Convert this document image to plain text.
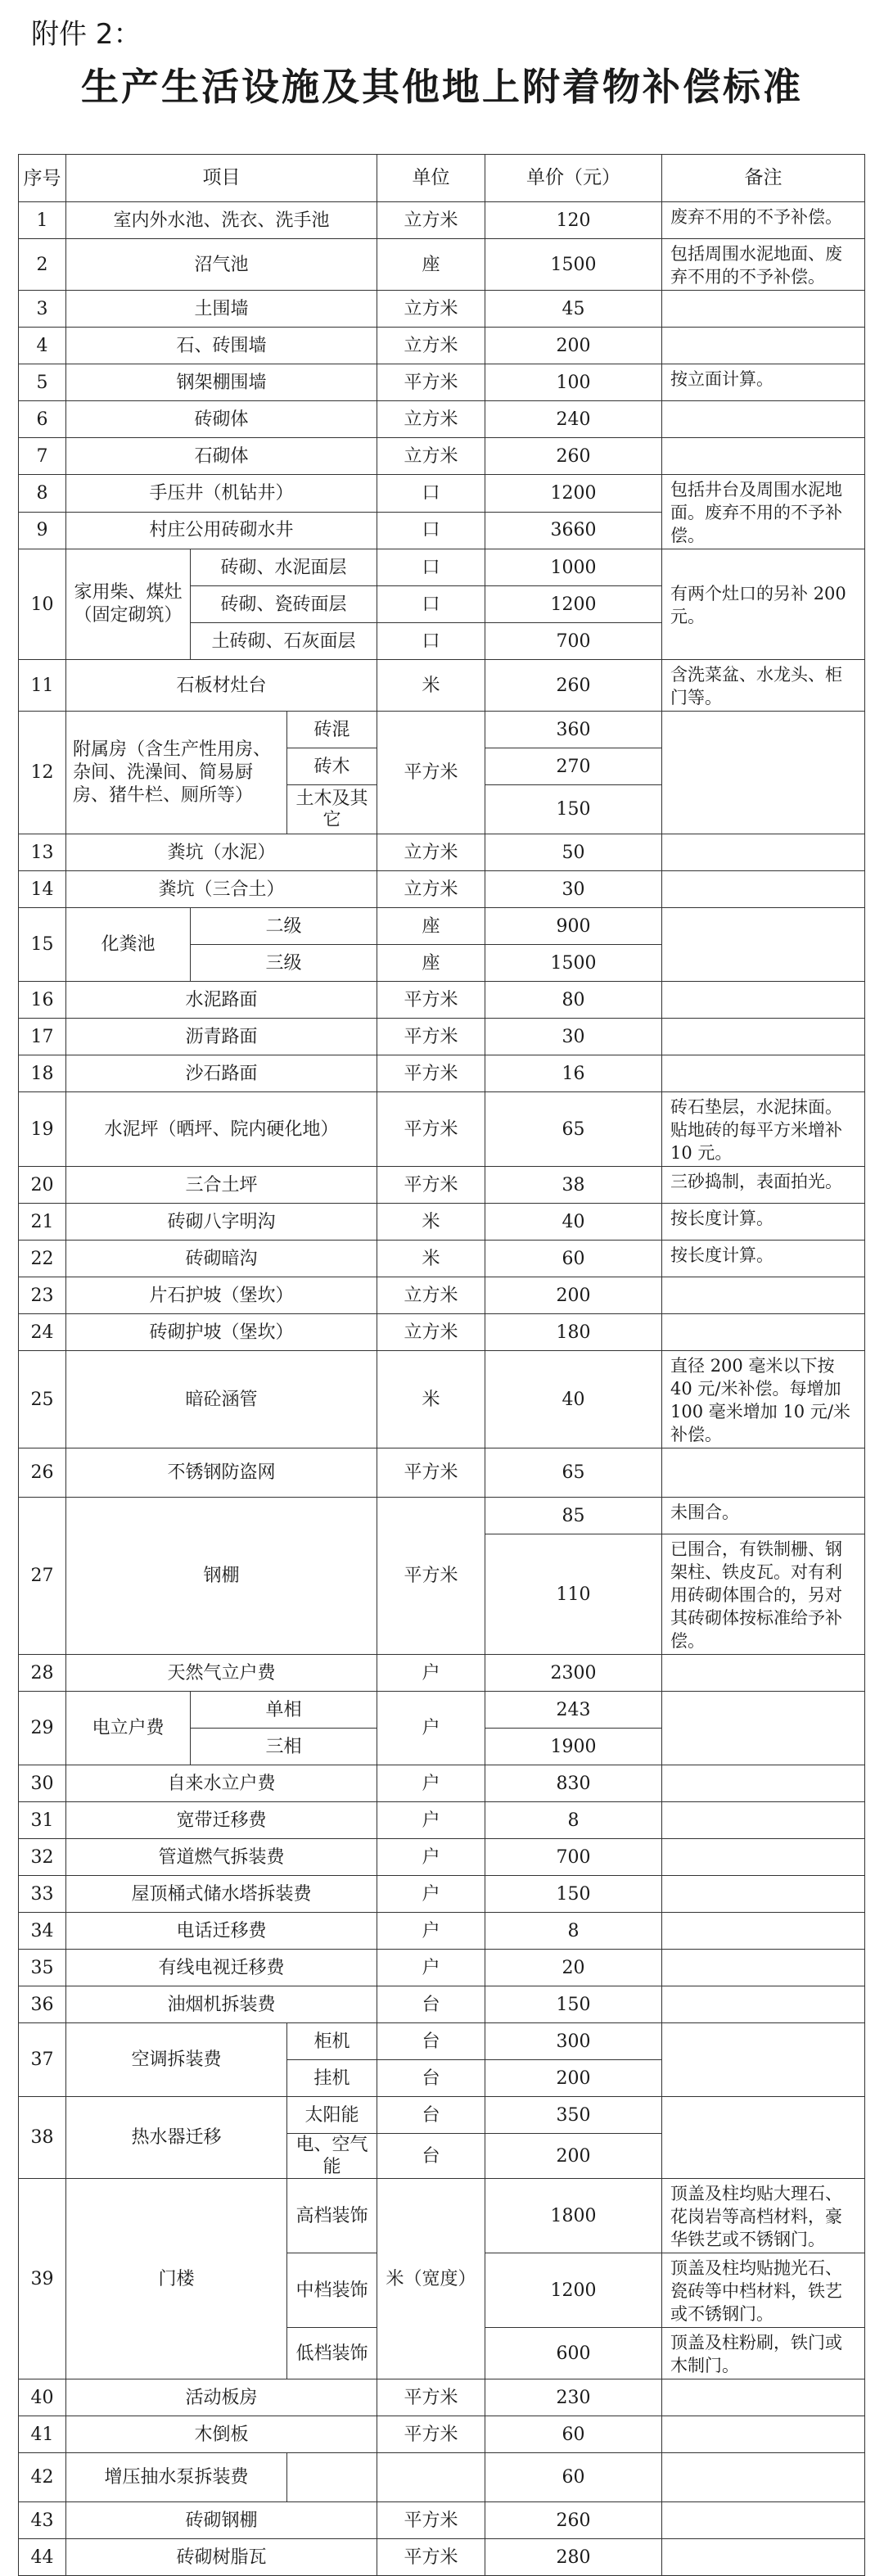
附件 2：
生产生活设施及其他地上附着物补偿标准
序号	项目			单位	单价（元）	备注
1	室内外水池、洗衣、洗手池			立方米	120	废弃不用的不予补偿。
2	沼气池			座	1500	包括周围水泥地面、废弃不用的不予补偿。
3	土围墙			立方米	45	
4	石、砖围墙			立方米	200	
5	钢架棚围墙			平方米	100	按立面计算。
6	砖砌体			立方米	240	
7	石砌体			立方米	260	
8	手压井（机钻井）			口	1200	包括井台及周围水泥地面。废弃不用的不予补偿。
9	村庄公用砖砌水井			口	3660	
10	家用柴、煤灶（固定砌筑）	砖砌、水泥面层		口	1000	有两个灶口的另补 200 元。
		砖砌、瓷砖面层		口	1200	
		土砖砌、石灰面层		口	700	
11	石板材灶台			米	260	含洗菜盆、水龙头、柜门等。
12	附属房（含生产性用房、杂间、洗澡间、简易厨房、猪牛栏、厕所等）		砖混	平方米	360	
			砖木		270	
			土木及其它		150	
13	粪坑（水泥）			立方米	50	
14	粪坑（三合土）			立方米	30	
15	化粪池	二级		座	900	
		三级		座	1500	
16	水泥路面			平方米	80	
17	沥青路面			平方米	30	
18	沙石路面			平方米	16	
19	水泥坪（晒坪、院内硬化地）			平方米	65	砖石垫层，水泥抹面。贴地砖的每平方米增补 10 元。
20	三合土坪			平方米	38	三砂捣制，表面拍光。
21	砖砌八字明沟			米	40	按长度计算。
22	砖砌暗沟			米	60	按长度计算。
23	片石护坡（堡坎）			立方米	200	
24	砖砌护坡（堡坎）			立方米	180	
25	暗砼涵管			米	40	直径 200 毫米以下按 40 元/米补偿。每增加 100 毫米增加 10 元/米补偿。
26	不锈钢防盗网			平方米	65	
27	钢棚			平方米	85	未围合。
					110	已围合，有铁制栅、钢架柱、铁皮瓦。对有利用砖砌体围合的，另对其砖砌体按标准给予补偿。
28	天然气立户费			户	2300	
29	电立户费	单相		户	243	
		三相			1900	
30	自来水立户费			户	830	
31	宽带迁移费			户	8	
32	管道燃气拆装费			户	700	
33	屋顶桶式储水塔拆装费			户	150	
34	电话迁移费			户	8	
35	有线电视迁移费			户	20	
36	油烟机拆装费			台	150	
37	空调拆装费		柜机	台	300	
			挂机	台	200	
38	热水器迁移		太阳能	台	350	
			电、空气能	台	200	
39	门楼		高档装饰	米（宽度）	1800	顶盖及柱均贴大理石、花岗岩等高档材料，豪华铁艺或不锈钢门。
			中档装饰		1200	顶盖及柱均贴抛光石、瓷砖等中档材料，铁艺或不锈钢门。
			低档装饰		600	顶盖及柱粉刷，铁门或木制门。
40	活动板房			平方米	230	
41	木倒板			平方米	60	
42	增压抽水泵拆装费				60	
43	砖砌钢棚			平方米	260	
44	砖砌树脂瓦			平方米	280	
